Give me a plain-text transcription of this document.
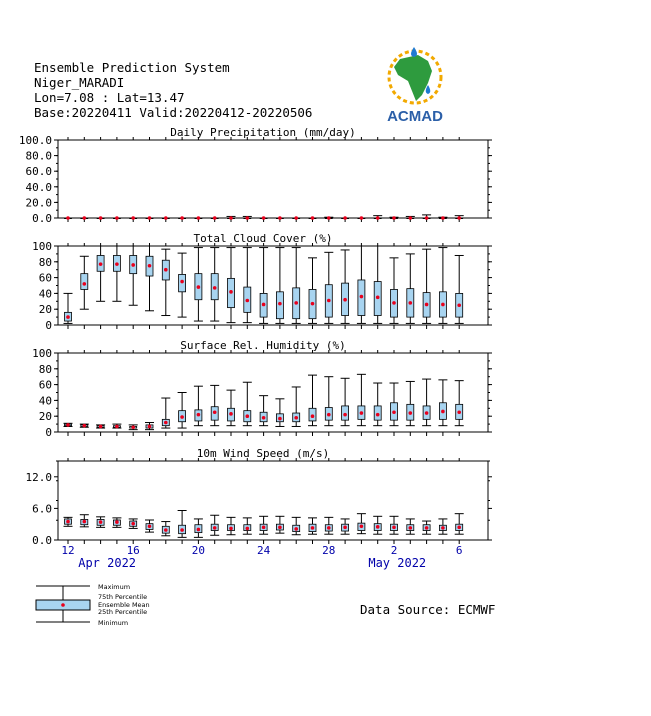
Ensemble Prediction System
Niger_MARADI
Lon=7.08 : Lat=13.47
Base:20220411 Valid:20220412-20220506	ACMAD
Daily Precipitation (mm/day)
0.0
20.0
40.0
60.0
80.0
100.0
Total Cloud Cover (%)
0
20
40
60
80
100
Surface Rel. Humidity (%)
0
20
40
60
80
100
10m Wind Speed (m/s)
0.0
6.0
12.0
12	16	20	24	28	2	6
Apr 2022	May 2022
Maximum
75th Percentile
Ensemble Mean
25th Percentile
Minimum
Data Source: ECMWF
